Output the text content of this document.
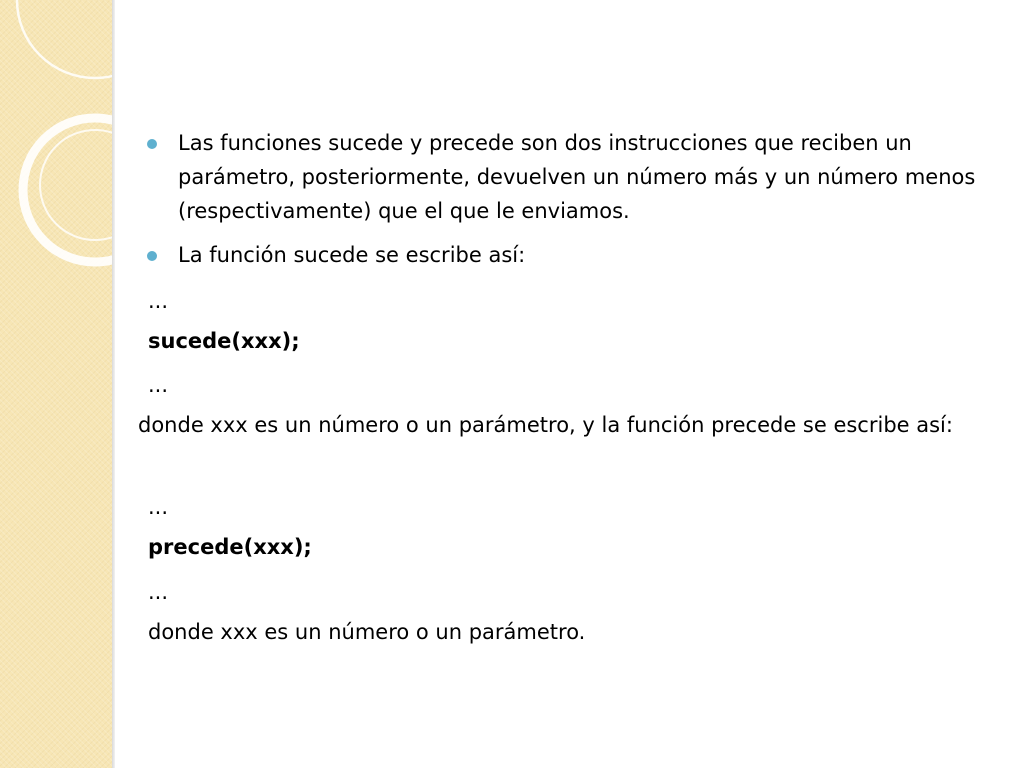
Las funciones sucede y precede son dos instrucciones que reciben un parámetro, posteriormente, devuelven un número más y un número menos (respectivamente) que el que le enviamos.
La función sucede se escribe así:
...
sucede(xxx);
...
donde xxx es un número o un parámetro, y la función precede se escribe así:
...
precede(xxx);
...
donde xxx es un número o un parámetro.
